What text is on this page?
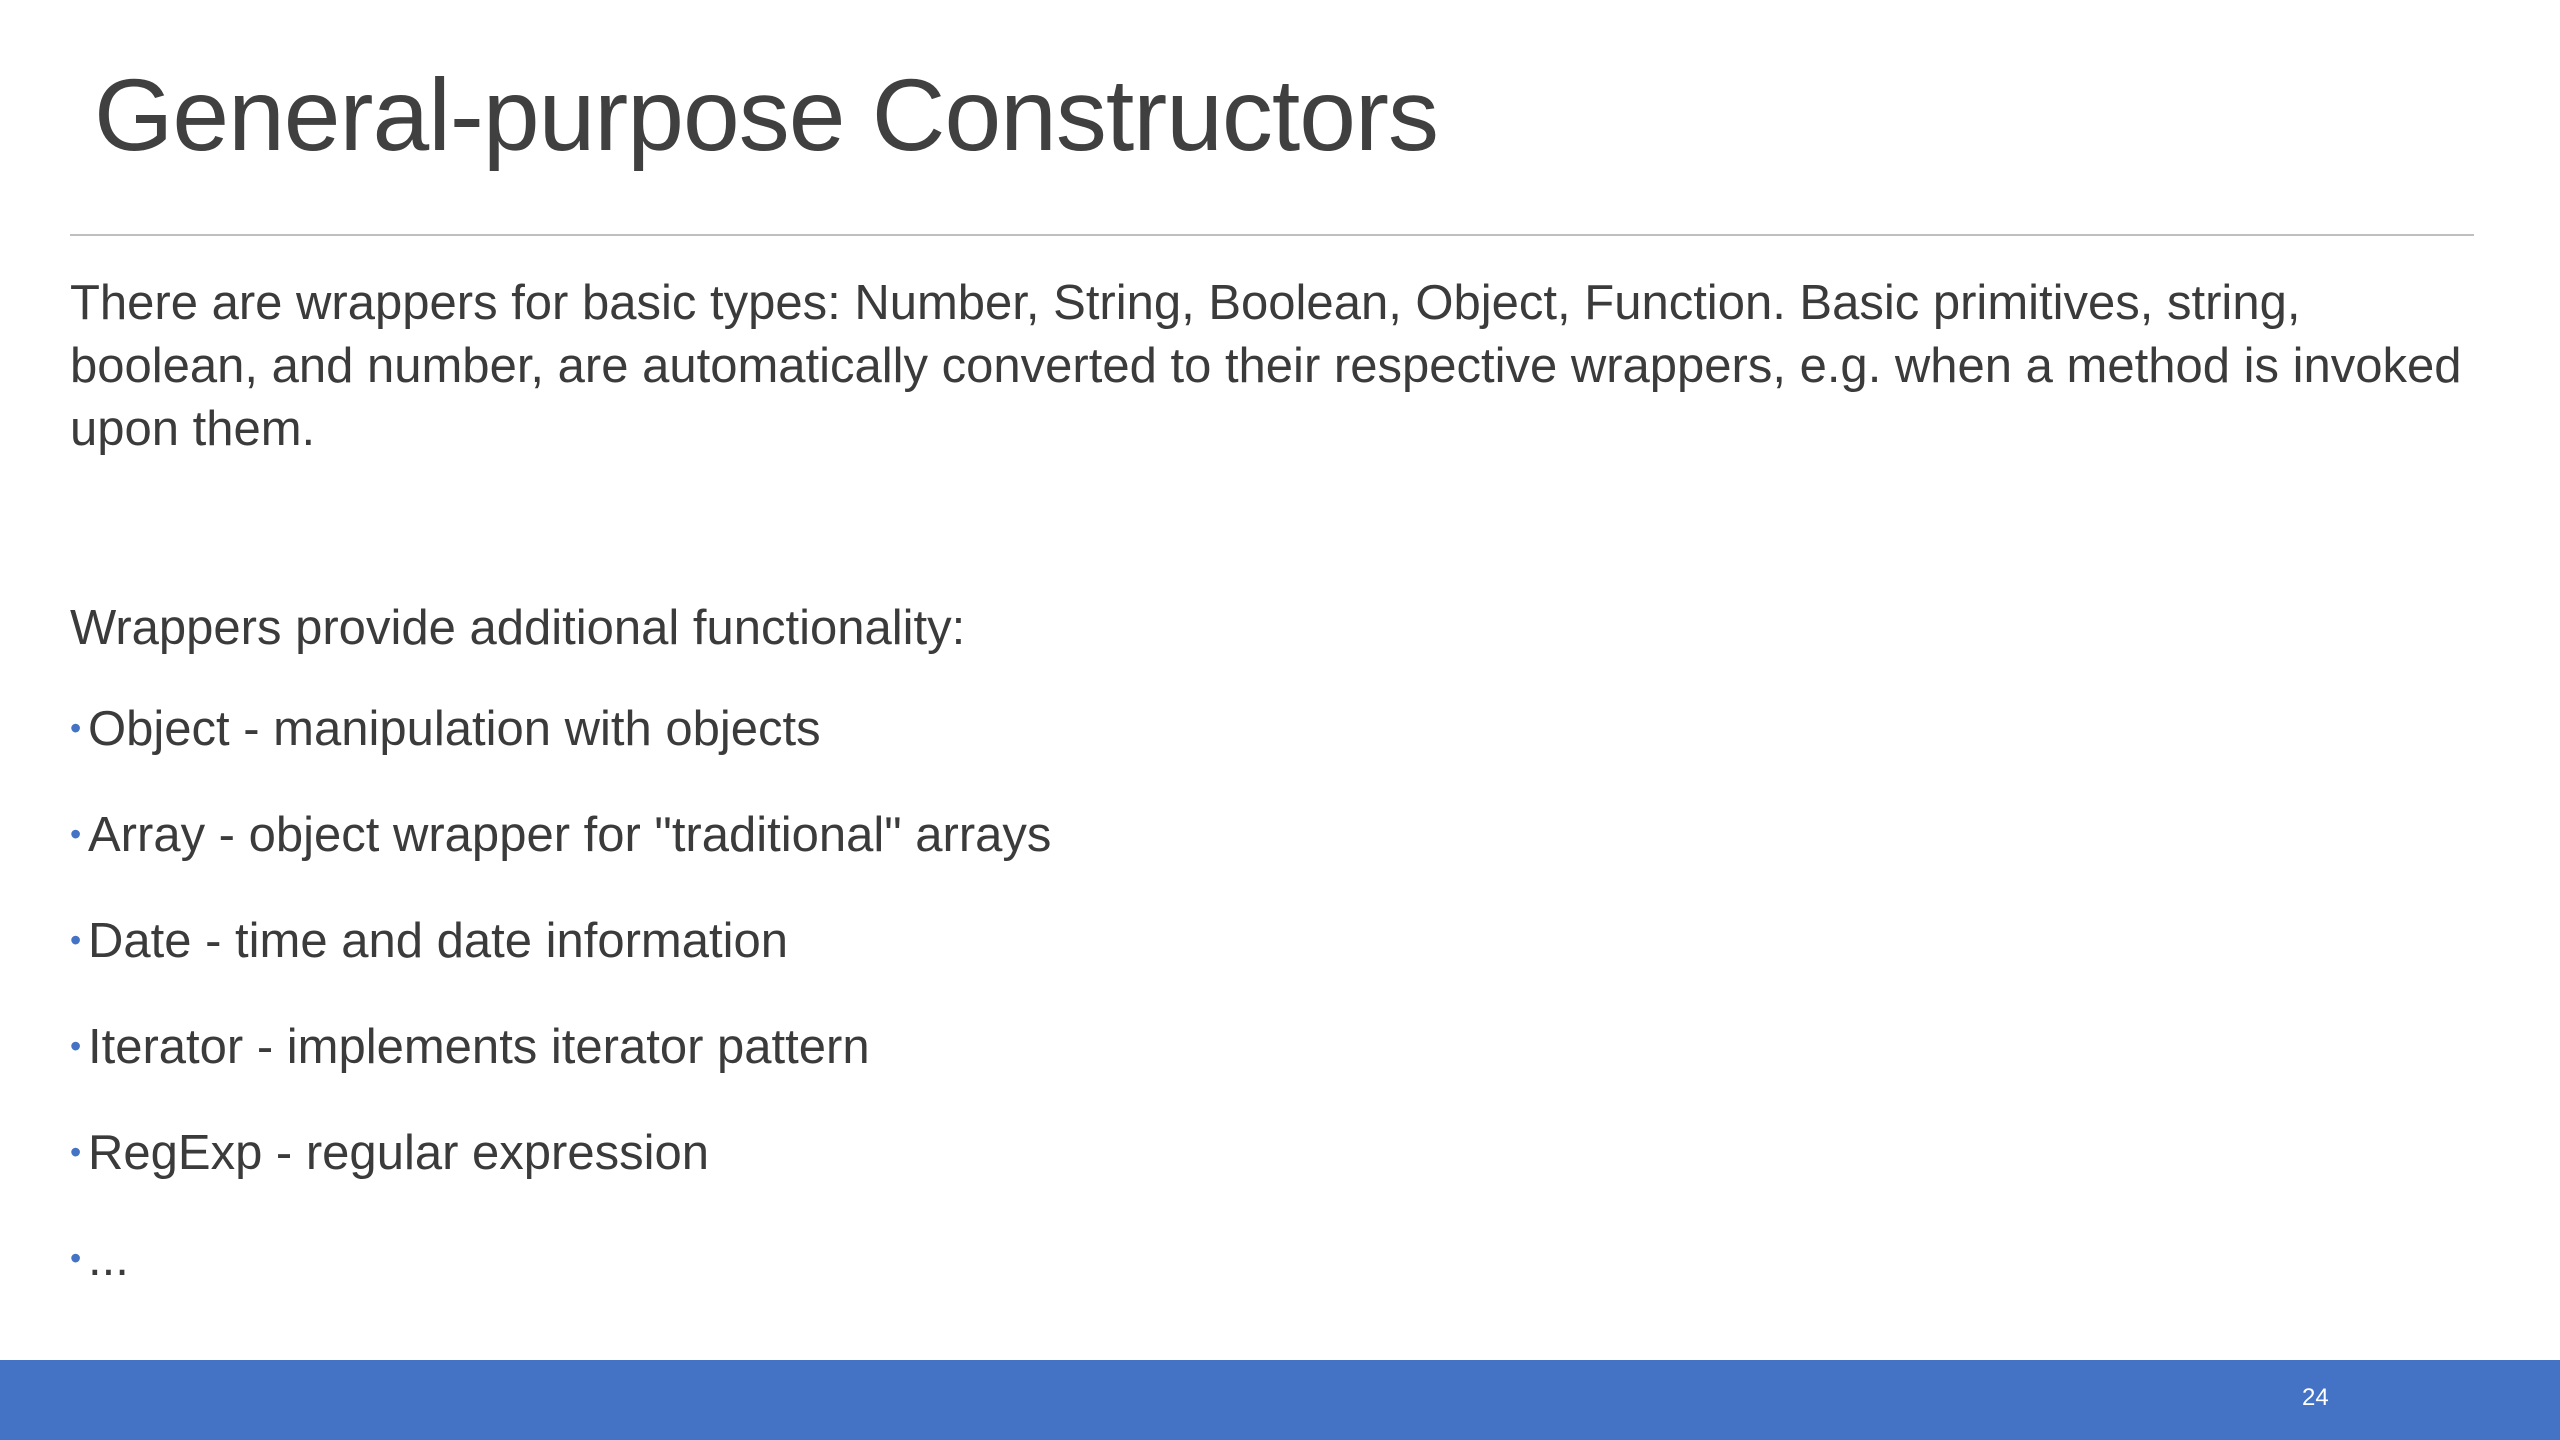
General-purpose Constructors

There are wrappers for basic types: Number, String, Boolean, Object, Function. Basic primitives, string, boolean, and number, are automatically converted to their respective wrappers, e.g. when a method is invoked upon them.

Wrappers provide additional functionality:

• Object - manipulation with objects
• Array - object wrapper for "traditional" arrays
• Date - time and date information
• Iterator - implements iterator pattern
• RegExp - regular expression
• ...
24
